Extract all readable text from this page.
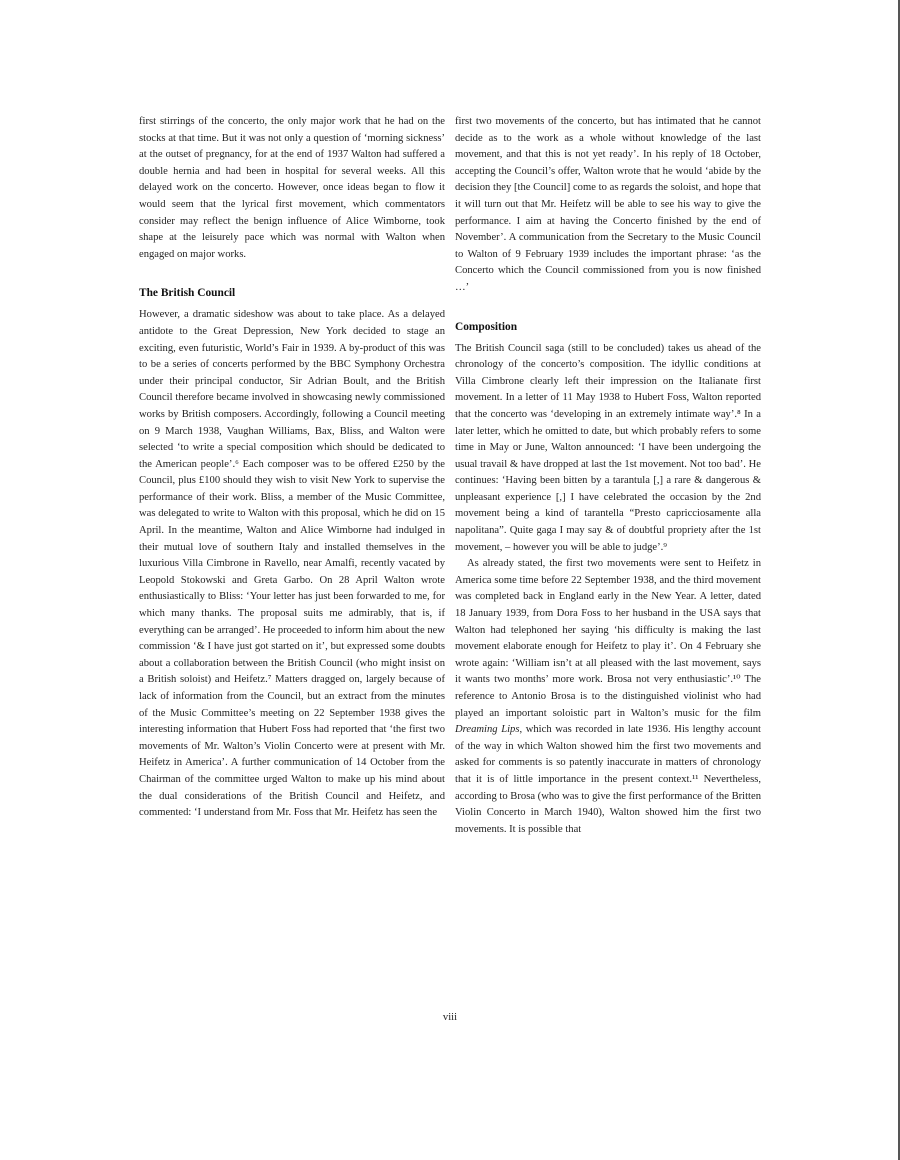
first stirrings of the concerto, the only major work that he had on the stocks at that time. But it was not only a question of ‘morning sickness’ at the outset of pregnancy, for at the end of 1937 Walton had suffered a double hernia and had been in hospital for several weeks. All this delayed work on the concerto. However, once ideas began to flow it would seem that the lyrical first movement, which commentators consider may reflect the benign influence of Alice Wimborne, took shape at the leisurely pace which was normal with Walton when engaged on major works.

The British Council

However, a dramatic sideshow was about to take place. As a delayed antidote to the Great Depression, New York decided to stage an exciting, even futuristic, World’s Fair in 1939. A by-product of this was to be a series of concerts performed by the BBC Symphony Orchestra under their principal conductor, Sir Adrian Boult, and the British Council therefore became involved in showcasing newly commissioned works by British composers. Accordingly, following a Council meeting on 9 March 1938, Vaughan Williams, Bax, Bliss, and Walton were selected ‘to write a special composition which should be dedicated to the American people’.⁶ Each composer was to be offered £250 by the Council, plus £100 should they wish to visit New York to supervise the performance of their work. Bliss, a member of the Music Committee, was delegated to write to Walton with this proposal, which he did on 15 April. In the meantime, Walton and Alice Wimborne had indulged in their mutual love of southern Italy and installed themselves in the luxurious Villa Cimbrone in Ravello, near Amalfi, recently vacated by Leopold Stokowski and Greta Garbo. On 28 April Walton wrote enthusiastically to Bliss: ‘Your letter has just been forwarded to me, for which many thanks. The proposal suits me admirably, that is, if everything can be arranged’. He proceeded to inform him about the new commission ‘& I have just got started on it’, but expressed some doubts about a collaboration between the British Council (who might insist on a British soloist) and Heifetz.⁷ Matters dragged on, largely because of lack of information from the Council, but an extract from the minutes of the Music Committee’s meeting on 22 September 1938 gives the interesting information that Hubert Foss had reported that ‘the first two movements of Mr. Walton’s Violin Concerto were at present with Mr. Heifetz in America’. A further communication of 14 October from the Chairman of the committee urged Walton to make up his mind about the dual considerations of the British Council and Heifetz, and commented: ‘I understand from Mr. Foss that Mr. Heifetz has seen the

first two movements of the concerto, but has intimated that he cannot decide as to the work as a whole without knowledge of the last movement, and that this is not yet ready’. In his reply of 18 October, accepting the Council’s offer, Walton wrote that he would ‘abide by the decision they [the Council] come to as regards the soloist, and hope that it will turn out that Mr. Heifetz will be able to see his way to give the performance. I aim at having the Concerto finished by the end of November’. A communication from the Secretary to the Music Council to Walton of 9 February 1939 includes the important phrase: ‘as the Concerto which the Council commissioned from you is now finished …’

Composition

The British Council saga (still to be concluded) takes us ahead of the chronology of the concerto’s composition. The idyllic conditions at Villa Cimbrone clearly left their impression on the Italianate first movement. In a letter of 11 May 1938 to Hubert Foss, Walton reported that the concerto was ‘developing in an extremely intimate way’.⁸ In a later letter, which he omitted to date, but which probably refers to some time in May or June, Walton announced: ‘I have been undergoing the usual travail & have dropped at last the 1st movement. Not too bad’. He continues: ‘Having been bitten by a tarantula [,] a rare & dangerous & unpleasant experience [,] I have celebrated the occasion by the 2nd movement being a kind of tarantella “Presto capricciosamente alla napolitana”. Quite gaga I may say & of doubtful propriety after the 1st movement, – however you will be able to judge’.⁹

As already stated, the first two movements were sent to Heifetz in America some time before 22 September 1938, and the third movement was completed back in England early in the New Year. A letter, dated 18 January 1939, from Dora Foss to her husband in the USA says that Walton had telephoned her saying ‘his difficulty is making the last movement elaborate enough for Heifetz to play it’. On 4 February she wrote again: ‘William isn’t at all pleased with the last movement, says it wants two months’ more work. Brosa not very enthusiastic’.¹⁰ The reference to Antonio Brosa is to the distinguished violinist who had played an important soloistic part in Walton’s music for the film Dreaming Lips, which was recorded in late 1936. His lengthy account of the way in which Walton showed him the first two movements and asked for comments is so patently inaccurate in matters of chronology that it is of little importance in the present context.¹¹ Nevertheless, according to Brosa (who was to give the first performance of the Britten Violin Concerto in March 1940), Walton showed him the first two movements. It is possible that

viii
